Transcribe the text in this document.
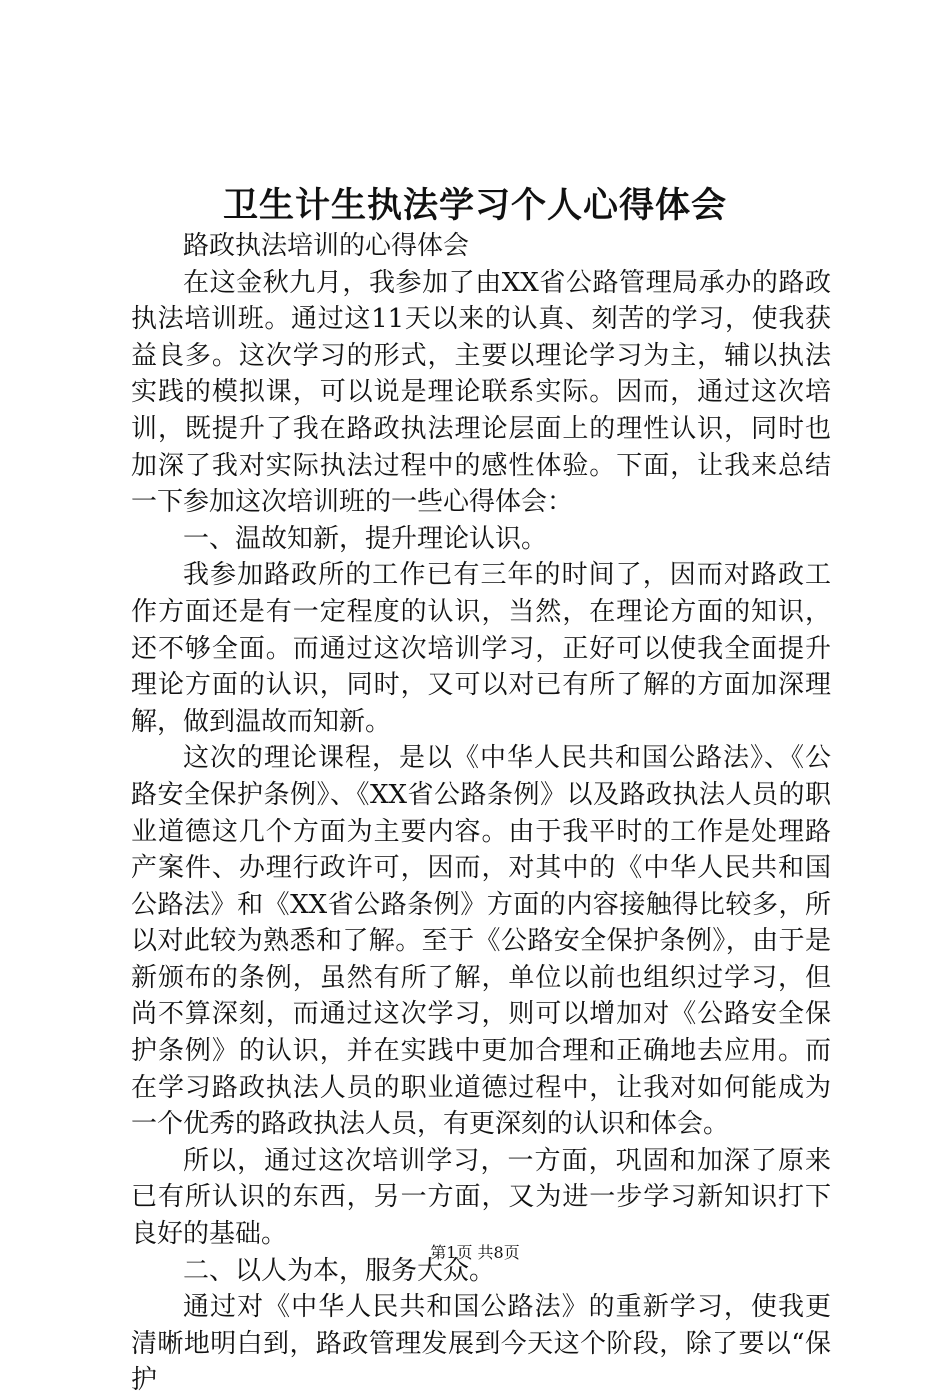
卫生计生执法学习个人心得体会

路政执法培训的心得体会

在这金秋九月，我参加了由XX省公路管理局承办的路政执法培训班。通过这11天以来的认真、刻苦的学习，使我获益良多。这次学习的形式，主要以理论学习为主，辅以执法实践的模拟课，可以说是理论联系实际。因而，通过这次培训，既提升了我在路政执法理论层面上的理性认识，同时也加深了我对实际执法过程中的感性体验。下面，让我来总结一下参加这次培训班的一些心得体会：

一、温故知新，提升理论认识。

我参加路政所的工作已有三年的时间了，因而对路政工作方面还是有一定程度的认识，当然，在理论方面的知识，还不够全面。而通过这次培训学习，正好可以使我全面提升理论方面的认识，同时，又可以对已有所了解的方面加深理解，做到温故而知新。

这次的理论课程，是以《中华人民共和国公路法》、《公路安全保护条例》、《XX省公路条例》以及路政执法人员的职业道德这几个方面为主要内容。由于我平时的工作是处理路产案件、办理行政许可，因而，对其中的《中华人民共和国公路法》和《XX省公路条例》方面的内容接触得比较多，所以对此较为熟悉和了解。至于《公路安全保护条例》，由于是新颁布的条例，虽然有所了解，单位以前也组织过学习，但尚不算深刻，而通过这次学习，则可以增加对《公路安全保护条例》的认识，并在实践中更加合理和正确地去应用。而在学习路政执法人员的职业道德过程中，让我对如何能成为一个优秀的路政执法人员，有更深刻的认识和体会。

所以，通过这次培训学习，一方面，巩固和加深了原来已有所认识的东西，另一方面，又为进一步学习新知识打下良好的基础。

二、以人为本，服务大众。

通过对《中华人民共和国公路法》的重新学习，使我更清晰地明白到，路政管理发展到今天这个阶段，除了要以“保护

第1页 共8页
